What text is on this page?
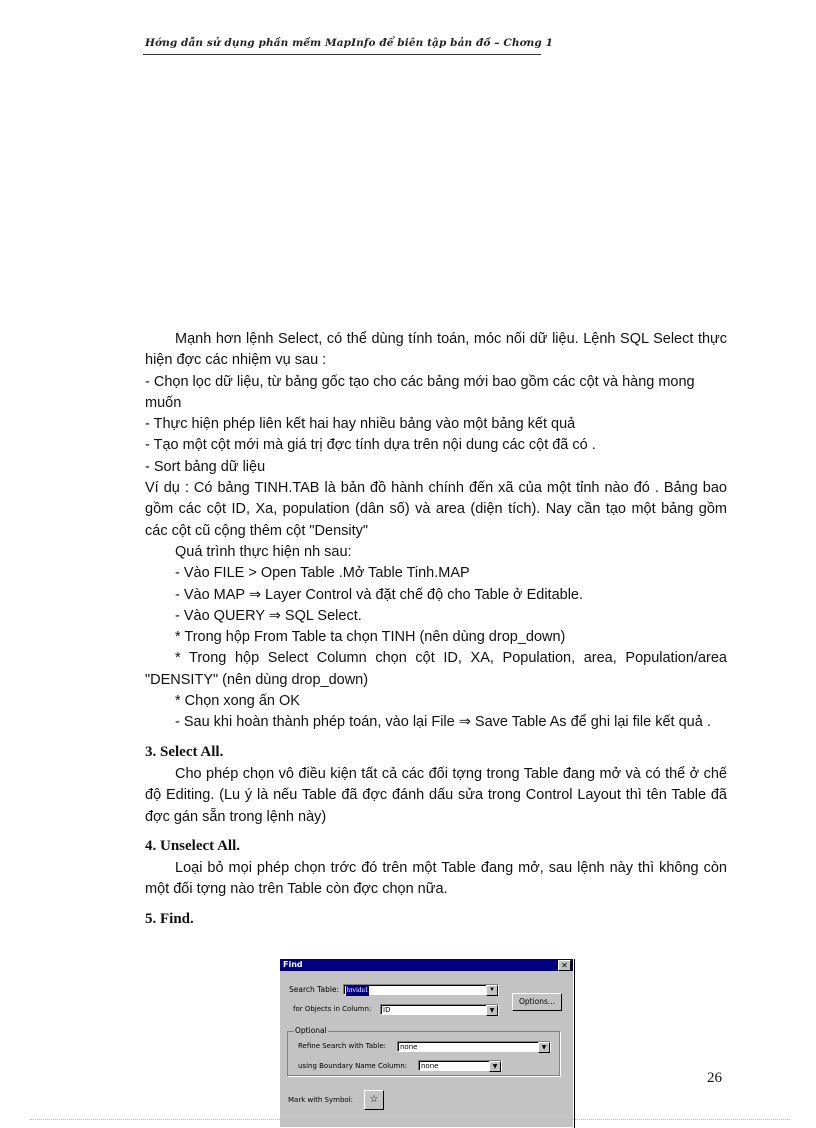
Hớng dẫn sử dụng phần mềm MapInfo để biên tập bản đồ – Chơng 1

Mạnh hơn lệnh Select, có thể dùng tính toán, móc nối dữ liệu. Lệnh SQL Select thực hiện đợc các nhiệm vụ sau :

- Chọn lọc dữ liệu, từ bảng gốc tạo cho các bảng mới bao gồm các cột và hàng mong muốn

- Thực hiện phép liên kết hai hay nhiều bảng vào một bảng kết quả

- Tạo một cột mới mà giá trị đợc tính dựa trên nội dung các cột đã có .

- Sort bảng dữ liệu

Ví dụ : Có bảng TINH.TAB là bản đồ hành chính đến xã của một tỉnh nào đó . Bảng bao gồm các cột ID, Xa, population (dân số) và area (diện tích). Nay cần tạo một bảng gồm các cột cũ cộng thêm cột "Density"

Quá trình thực hiện nh sau:

- Vào FILE > Open Table .Mở Table Tinh.MAP

- Vào MAP ⇒ Layer Control và đặt chế độ cho Table ở Editable.

- Vào QUERY ⇒ SQL Select.

* Trong hộp From Table ta chọn TINH (nên dùng drop_down)

* Trong hộp Select Column chọn cột ID, XA, Population, area, Population/area "DENSITY" (nên dùng drop_down)

* Chọn xong ấn OK

- Sau khi hoàn thành phép toán, vào lại File ⇒ Save Table As để ghi lại file kết quả .

3. Select All.

Cho phép chọn vô điều kiện tất cả các đối tợng trong Table đang mở và có thể ở chế độ Editing. (Lu ý là nếu Table đã đợc đánh dấu sửa trong Control Layout thì tên Table đã đợc gán sẵn trong lệnh này)

4. Unselect All.

Loại bỏ mọi phép chọn trớc đó trên một Table đang mở, sau lệnh này thì không còn một đối tợng nào trên Table còn đợc chọn nữa.

5. Find.

Find	✕
Search Table:	btvidu1	▼
for Objects in Column:	ID	▼
Options...
Optional
Refine Search with Table:	none	▼
using Boundary Name Column:	none	▼
Mark with Symbol:	☆
26
